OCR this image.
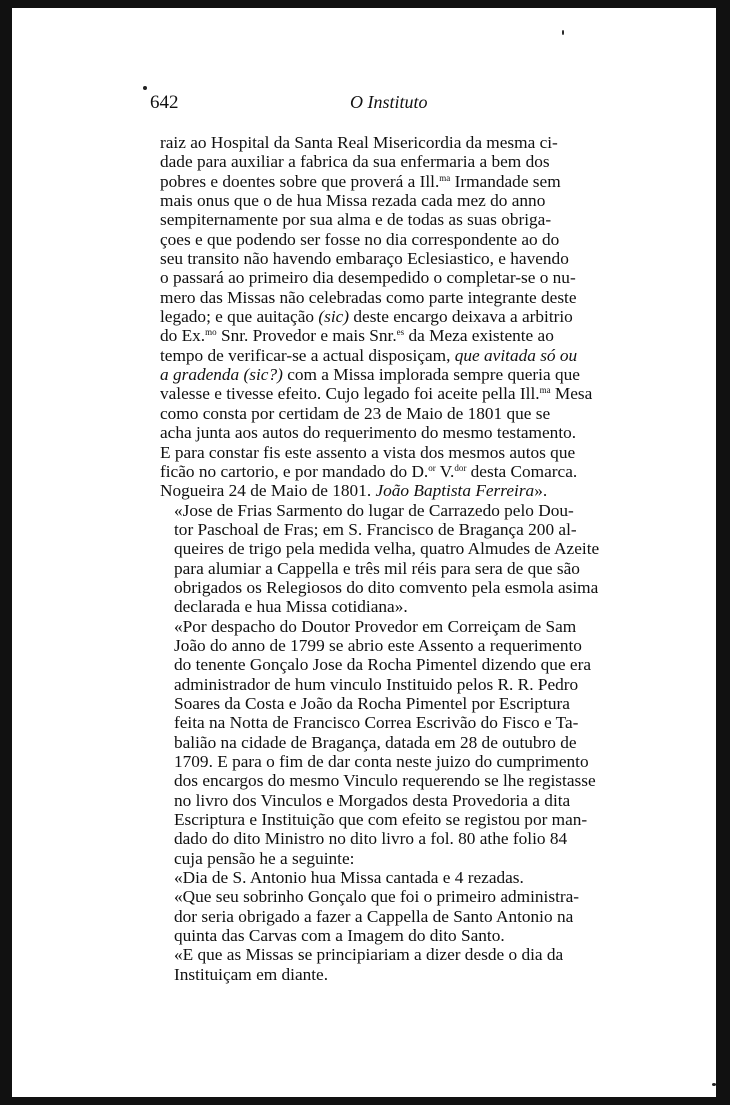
642	O Instituto

raiz ao Hospital da Santa Real Misericordia da mesma ci-
dade para auxiliar a fabrica da sua enfermaria a bem dos
pobres e doentes sobre que proverá a Ill.$^{ma}$ Irmandade sem
mais onus que o de hua Missa rezada cada mez do anno
sempiternamente por sua alma e de todas as suas obriga-
çoes e que podendo ser fosse no dia correspondente ao do
seu transito não havendo embaraço Eclesiastico, e havendo
o passará ao primeiro dia desempedido o completar-se o nu-
mero das Missas não celebradas como parte integrante deste
legado; e que auitação (sic) deste encargo deixava a arbitrio
do Ex.$^{mo}$ Snr. Provedor e mais Snr.$^{es}$ da Meza existente ao
tempo de verificar-se a actual disposiçam, que avitada só ou
a gradenda (sic?) com a Missa implorada sempre queria que
valesse e tivesse efeito. Cujo legado foi aceite pella Ill.$^{ma}$ Mesa
como consta por certidam de 23 de Maio de 1801 que se
acha junta aos autos do requerimento do mesmo testamento.
E para constar fis este assento a vista dos mesmos autos que
ficão no cartorio, e por mandado do D.$^{or}$ V.$^{dor}$ desta Comarca.
Nogueira 24 de Maio de 1801. João Baptista Ferreira».

«Jose de Frias Sarmento do lugar de Carrazedo pelo Dou-
tor Paschoal de Fras; em S. Francisco de Bragança 200 al-
queires de trigo pela medida velha, quatro Almudes de Azeite
para alumiar a Cappella e três mil réis para sera de que são
obrigados os Relegiosos do dito comvento pela esmola asima
declarada e hua Missa cotidiana».

«Por despacho do Doutor Provedor em Correiçam de Sam
João do anno de 1799 se abrio este Assento a requerimento
do tenente Gonçalo Jose da Rocha Pimentel dizendo que era
administrador de hum vinculo Instituido pelos R. R. Pedro
Soares da Costa e João da Rocha Pimentel por Escriptura
feita na Notta de Francisco Correa Escrivão do Fisco e Ta-
balião na cidade de Bragança, datada em 28 de outubro de
1709. E para o fim de dar conta neste juizo do cumprimento
dos encargos do mesmo Vinculo requerendo se lhe registasse
no livro dos Vinculos e Morgados desta Provedoria a dita
Escriptura e Instituição que com efeito se registou por man-
dado do dito Ministro no dito livro a fol. 80 athe folio 84
cuja pensão he a seguinte:

«Dia de S. Antonio hua Missa cantada e 4 rezadas.

«Que seu sobrinho Gonçalo que foi o primeiro administra-
dor seria obrigado a fazer a Cappella de Santo Antonio na
quinta das Carvas com a Imagem do dito Santo.

«E que as Missas se principiariam a dizer desde o dia da
Instituiçam em diante.
